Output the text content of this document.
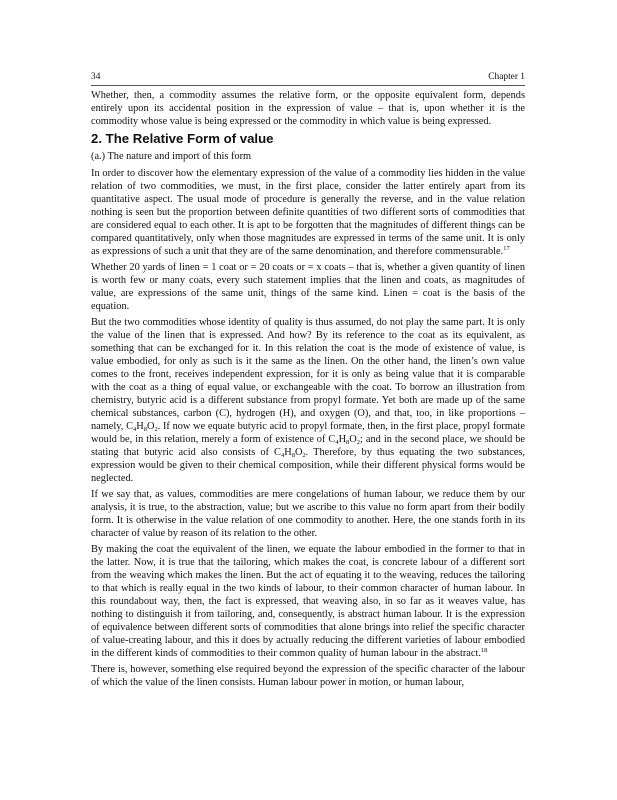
34	Chapter 1

Whether, then, a commodity assumes the relative form, or the opposite equivalent form, depends entirely upon its accidental position in the expression of value – that is, upon whether it is the commodity whose value is being expressed or the commodity in which value is being expressed.

2. The Relative Form of value
(a.) The nature and import of this form

In order to discover how the elementary expression of the value of a commodity lies hidden in the value relation of two commodities, we must, in the first place, consider the latter entirely apart from its quantitative aspect. The usual mode of procedure is generally the reverse, and in the value relation nothing is seen but the proportion between definite quantities of two different sorts of commodities that are considered equal to each other. It is apt to be forgotten that the magnitudes of different things can be compared quantitatively, only when those magnitudes are expressed in terms of the same unit. It is only as expressions of such a unit that they are of the same denomination, and therefore commensurable.$^{17}$

Whether 20 yards of linen = 1 coat or = 20 coats or = x coats – that is, whether a given quantity of linen is worth few or many coats, every such statement implies that the linen and coats, as magnitudes of value, are expressions of the same unit, things of the same kind. Linen = coat is the basis of the equation.

But the two commodities whose identity of quality is thus assumed, do not play the same part. It is only the value of the linen that is expressed. And how? By its reference to the coat as its equivalent, as something that can be exchanged for it. In this relation the coat is the mode of existence of value, is value embodied, for only as such is it the same as the linen. On the other hand, the linen’s own value comes to the front, receives independent expression, for it is only as being value that it is comparable with the coat as a thing of equal value, or exchangeable with the coat. To borrow an illustration from chemistry, butyric acid is a different substance from propyl formate. Yet both are made up of the same chemical substances, carbon (C), hydrogen (H), and oxygen (O), and that, too, in like proportions – namely, $C_4H_8O_2$. If now we equate butyric acid to propyl formate, then, in the first place, propyl formate would be, in this relation, merely a form of existence of $C_4H_8O_2$; and in the second place, we should be stating that butyric acid also consists of $C_4H_8O_2$. Therefore, by thus equating the two substances, expression would be given to their chemical composition, while their different physical forms would be neglected.

If we say that, as values, commodities are mere congelations of human labour, we reduce them by our analysis, it is true, to the abstraction, value; but we ascribe to this value no form apart from their bodily form. It is otherwise in the value relation of one commodity to another. Here, the one stands forth in its character of value by reason of its relation to the other.

By making the coat the equivalent of the linen, we equate the labour embodied in the former to that in the latter. Now, it is true that the tailoring, which makes the coat, is concrete labour of a different sort from the weaving which makes the linen. But the act of equating it to the weaving, reduces the tailoring to that which is really equal in the two kinds of labour, to their common character of human labour. In this roundabout way, then, the fact is expressed, that weaving also, in so far as it weaves value, has nothing to distinguish it from tailoring, and, consequently, is abstract human labour. It is the expression of equivalence between different sorts of commodities that alone brings into relief the specific character of value-creating labour, and this it does by actually reducing the different varieties of labour embodied in the different kinds of commodities to their common quality of human labour in the abstract.$^{18}$

There is, however, something else required beyond the expression of the specific character of the labour of which the value of the linen consists. Human labour power in motion, or human labour,
